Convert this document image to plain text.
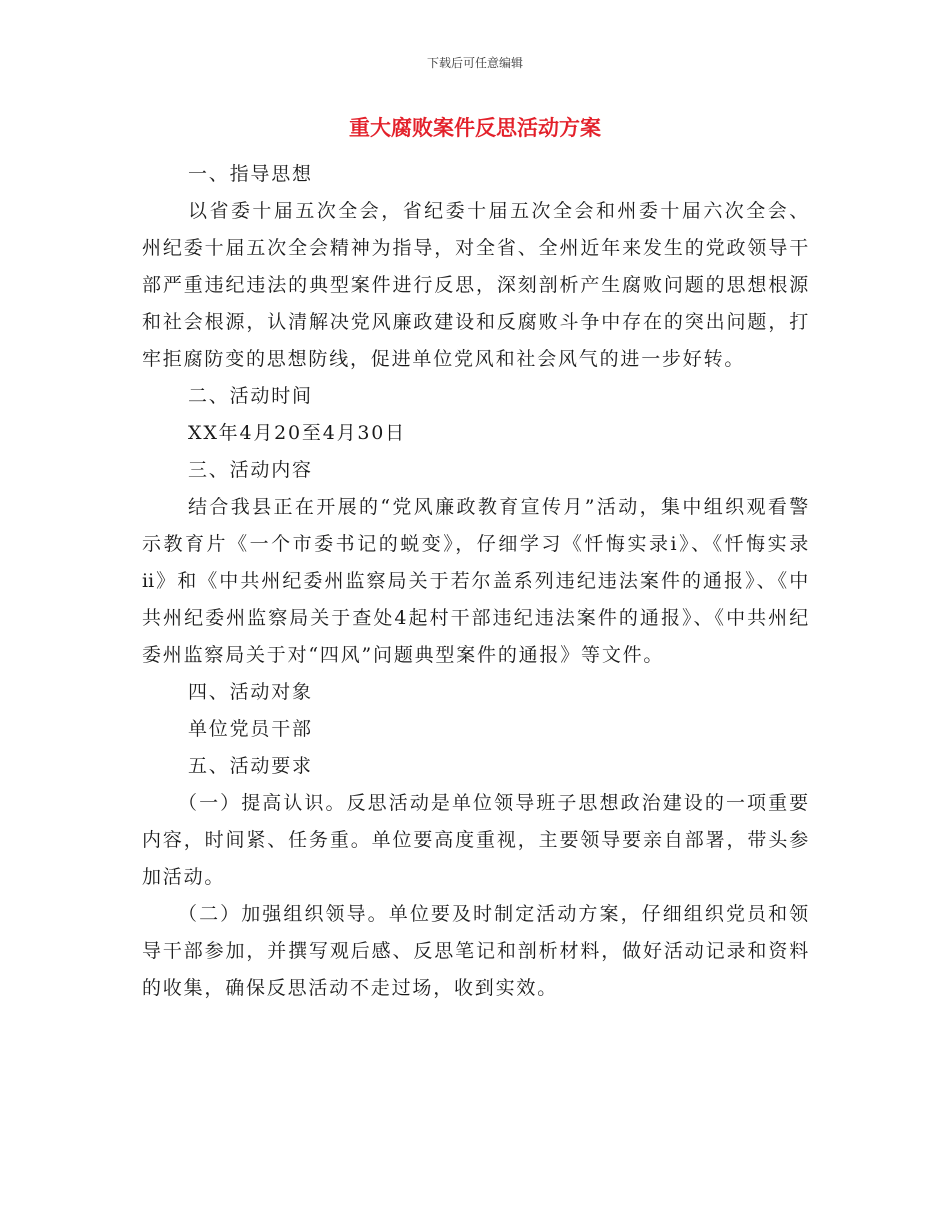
下载后可任意编辑
重大腐败案件反思活动方案

一、指导思想

以省委十届五次全会，省纪委十届五次全会和州委十届六次全会、州纪委十届五次全会精神为指导，对全省、全州近年来发生的党政领导干部严重违纪违法的典型案件进行反思，深刻剖析产生腐败问题的思想根源和社会根源，认清解决党风廉政建设和反腐败斗争中存在的突出问题，打牢拒腐防变的思想防线，促进单位党风和社会风气的进一步好转。

二、活动时间

XX年4月20至4月30日

三、活动内容

结合我县正在开展的“党风廉政教育宣传月”活动，集中组织观看警示教育片《一个市委书记的蜕变》，仔细学习《忏悔实录ⅰ》、《忏悔实录ⅱ》和《中共州纪委州监察局关于若尔盖系列违纪违法案件的通报》、《中共州纪委州监察局关于查处4起村干部违纪违法案件的通报》、《中共州纪委州监察局关于对“四风”问题典型案件的通报》等文件。

四、活动对象

单位党员干部

五、活动要求

（一）提高认识。反思活动是单位领导班子思想政治建设的一项重要内容，时间紧、任务重。单位要高度重视，主要领导要亲自部署，带头参加活动。

（二）加强组织领导。单位要及时制定活动方案，仔细组织党员和领导干部参加，并撰写观后感、反思笔记和剖析材料，做好活动记录和资料的收集，确保反思活动不走过场，收到实效。
